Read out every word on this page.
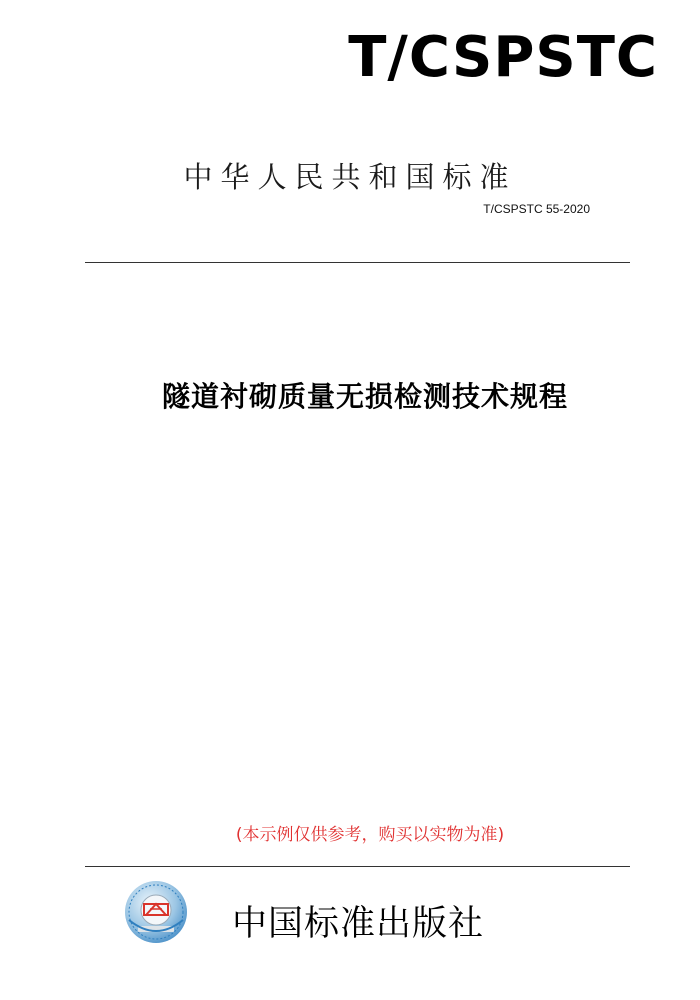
T/CSPSTC
中华人民共和国标准
T/CSPSTC 55-2020
隧道衬砌质量无损检测技术规程
(本示例仅供参考，购买以实物为准)
中国标准出版社
